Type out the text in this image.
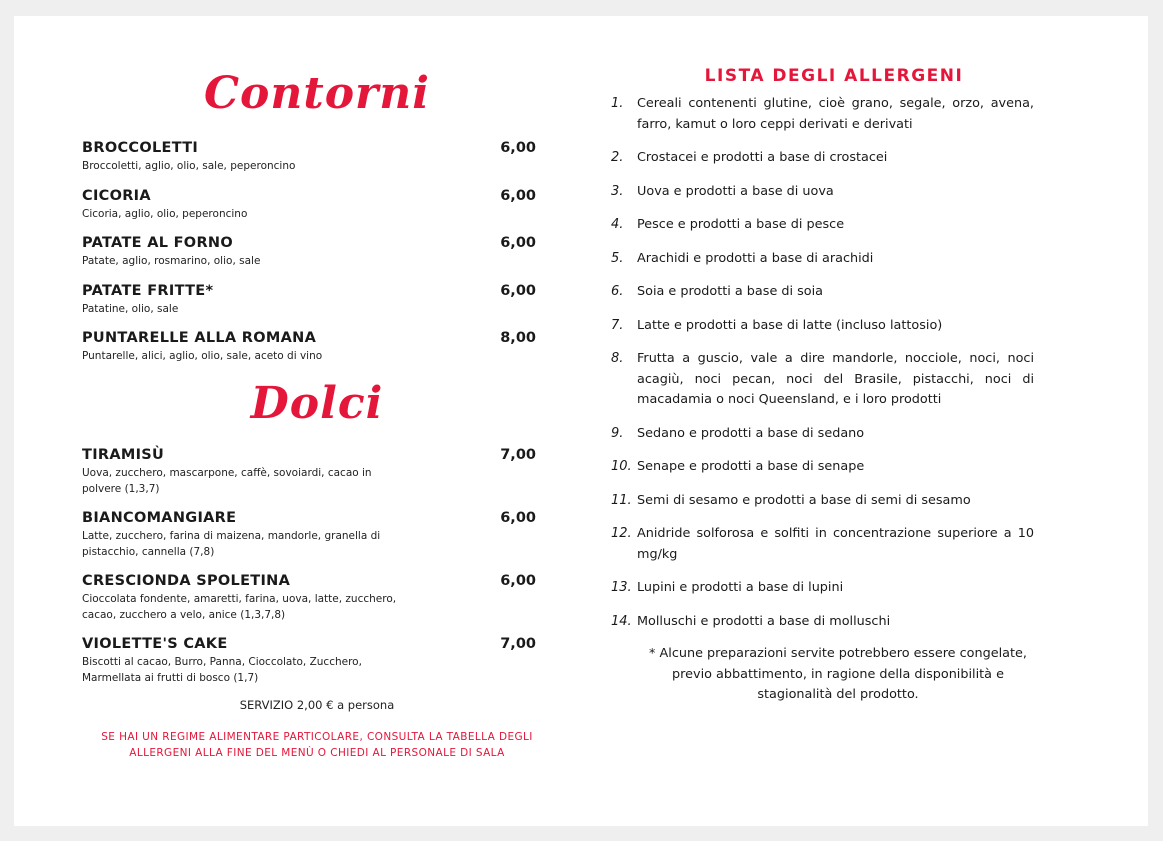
Contorni
BROCCOLETTI	6,00
Broccoletti, aglio, olio, sale, peperoncino
CICORIA	6,00
Cicoria, aglio, olio, peperoncino
PATATE AL FORNO	6,00
Patate, aglio, rosmarino, olio, sale
PATATE FRITTE*	6,00
Patatine, olio, sale
PUNTARELLE ALLA ROMANA	8,00
Puntarelle, alici, aglio, olio, sale, aceto di vino
Dolci
TIRAMISÙ	7,00
Uova, zucchero, mascarpone, caffè, sovoiardi, cacao in polvere (1,3,7)
BIANCOMANGIARE	6,00
Latte, zucchero, farina di maizena, mandorle, granella di pistacchio, cannella (7,8)
CRESCIONDA SPOLETINA	6,00
Cioccolata fondente, amaretti, farina, uova, latte, zucchero, cacao, zucchero a velo, anice (1,3,7,8)
VIOLETTE'S CAKE	7,00
Biscotti al cacao, Burro, Panna, Cioccolato, Zucchero, Marmellata ai frutti di bosco (1,7)
SERVIZIO 2,00 € a persona
SE HAI UN REGIME ALIMENTARE PARTICOLARE, CONSULTA LA TABELLA DEGLI ALLERGENI ALLA FINE DEL MENÙ O CHIEDI AL PERSONALE DI SALA
LISTA DEGLI ALLERGENI
1. Cereali contenenti glutine, cioè grano, segale, orzo, avena, farro, kamut o loro ceppi derivati e derivati
2. Crostacei e prodotti a base di crostacei
3. Uova e prodotti a base di uova
4. Pesce e prodotti a base di pesce
5. Arachidi e prodotti a base di arachidi
6. Soia e prodotti a base di soia
7. Latte e prodotti a base di latte (incluso lattosio)
8. Frutta a guscio, vale a dire mandorle, nocciole, noci, noci acagiù, noci pecan, noci del Brasile, pistacchi, noci di macadamia o noci Queensland, e i loro prodotti
9. Sedano e prodotti a base di sedano
10. Senape e prodotti a base di senape
11. Semi di sesamo e prodotti a base di semi di sesamo
12. Anidride solforosa e solfiti in concentrazione superiore a 10 mg/kg
13. Lupini e prodotti a base di lupini
14. Molluschi e prodotti a base di molluschi
* Alcune preparazioni servite potrebbero essere congelate, previo abbattimento, in ragione della disponibilità e stagionalità del prodotto.
